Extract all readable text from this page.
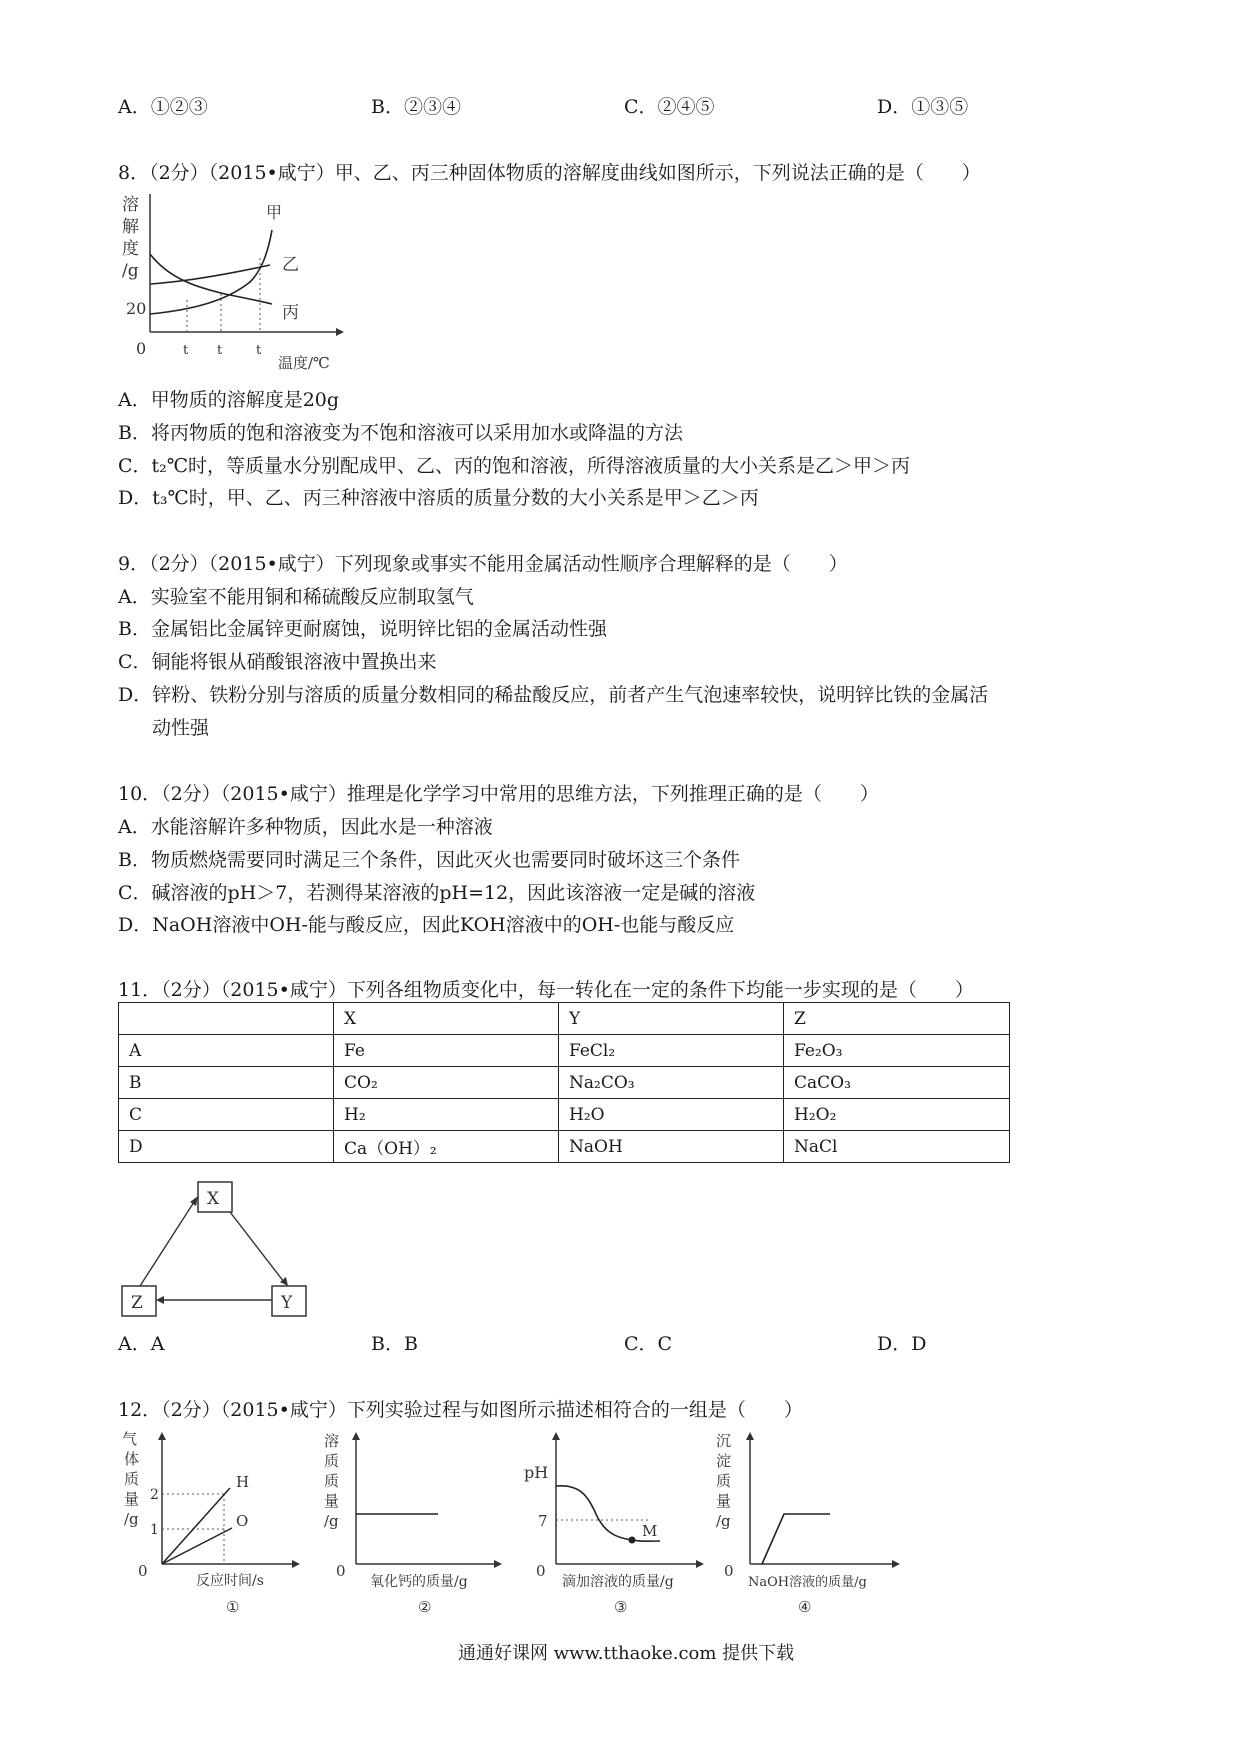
A．①②③	B．②③④	C．②④⑤	D．①③⑤
8．（2分）（2015•咸宁）甲、乙、丙三种固体物质的溶解度曲线如图所示，下列说法正确的是（　　）
溶
解
度
/g
20
0
甲
乙
丙
t t	t
温度/℃
A．甲物质的溶解度是20g
B．将丙物质的饱和溶液变为不饱和溶液可以采用加水或降温的方法
C．t₂℃时，等质量水分别配成甲、乙、丙的饱和溶液，所得溶液质量的大小关系是乙＞甲＞丙
D．t₃℃时，甲、乙、丙三种溶液中溶质的质量分数的大小关系是甲＞乙＞丙
9．（2分）（2015•咸宁）下列现象或事实不能用金属活动性顺序合理解释的是（　　）
A．实验室不能用铜和稀硫酸反应制取氢气
B．金属铝比金属锌更耐腐蚀，说明锌比铝的金属活动性强
C．铜能将银从硝酸银溶液中置换出来
D．锌粉、铁粉分别与溶质的质量分数相同的稀盐酸反应，前者产生气泡速率较快，说明锌比铁的金属活
动性强
10．（2分）（2015•咸宁）推理是化学学习中常用的思维方法，下列推理正确的是（　　）
A．水能溶解许多种物质，因此水是一种溶液
B．物质燃烧需要同时满足三个条件，因此灭火也需要同时破坏这三个条件
C．碱溶液的pH＞7，若测得某溶液的pH=12，因此该溶液一定是碱的溶液
D．NaOH溶液中OH-能与酸反应，因此KOH溶液中的OH-也能与酸反应
11．（2分）（2015•咸宁）下列各组物质变化中，每一转化在一定的条件下均能一步实现的是（　　）
	X	Y	Z
A	Fe	FeCl₂	Fe₂O₃
B	CO₂	Na₂CO₃	CaCO₃
C	H₂	H₂O	H₂O₂
D	Ca（OH）₂	NaOH	NaCl
X
Z	Y
A．A	B．B	C．C	D．D
12．（2分）（2015•咸宁）下列实验过程与如图所示描述相符合的一组是（　　）
气
体
质
量
/g
2
1
H
O
0
反应时间/s
①
溶
质
质
量
/g
0
氧化钙的质量/g
②
pH
7
M
0
滴加溶液的质量/g
③
沉
淀
质
量
/g
0
NaOH溶液的质量/g
④
通通好课网 www.tthaoke.com 提供下载
